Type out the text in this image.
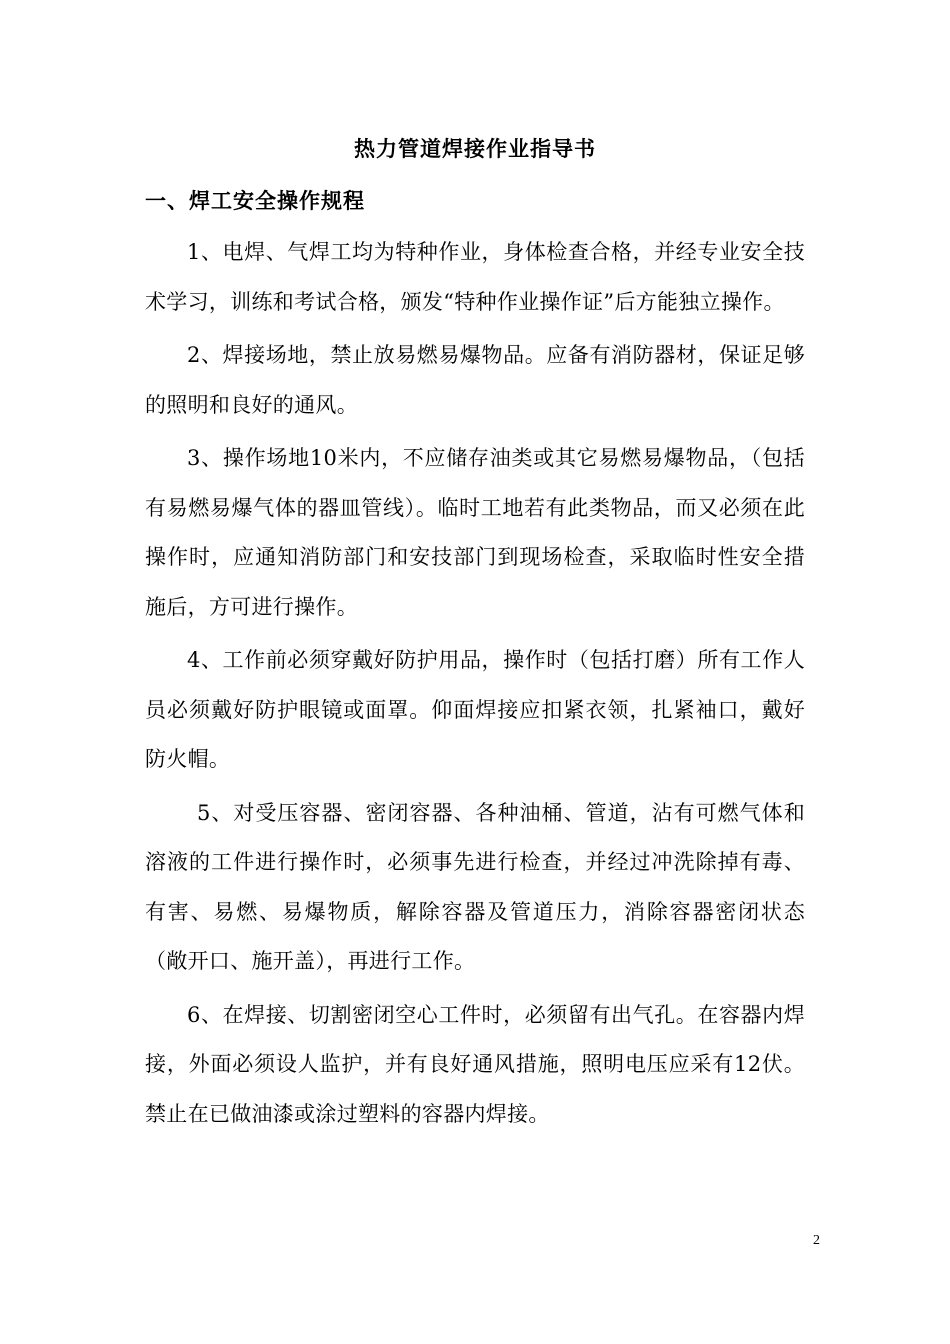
热力管道焊接作业指导书
一、焊工安全操作规程

1、电焊、气焊工均为特种作业，身体检查合格，并经专业安全技术学习，训练和考试合格，颁发“特种作业操作证”后方能独立操作。

2、焊接场地，禁止放易燃易爆物品。应备有消防器材，保证足够的照明和良好的通风。

3、操作场地10米内，不应储存油类或其它易燃易爆物品，（包括有易燃易爆气体的器皿管线）。临时工地若有此类物品，而又必须在此操作时，应通知消防部门和安技部门到现场检查，采取临时性安全措施后，方可进行操作。

4、工作前必须穿戴好防护用品，操作时（包括打磨）所有工作人员必须戴好防护眼镜或面罩。仰面焊接应扣紧衣领，扎紧袖口，戴好防火帽。

5、对受压容器、密闭容器、各种油桶、管道，沾有可燃气体和溶液的工件进行操作时，必须事先进行检查，并经过冲洗除掉有毒、有害、易燃、易爆物质，解除容器及管道压力，消除容器密闭状态（敞开口、施开盖），再进行工作。

6、在焊接、切割密闭空心工件时，必须留有出气孔。在容器内焊接，外面必须设人监护，并有良好通风措施，照明电压应采有12伏。禁止在已做油漆或涂过塑料的容器内焊接。

2
